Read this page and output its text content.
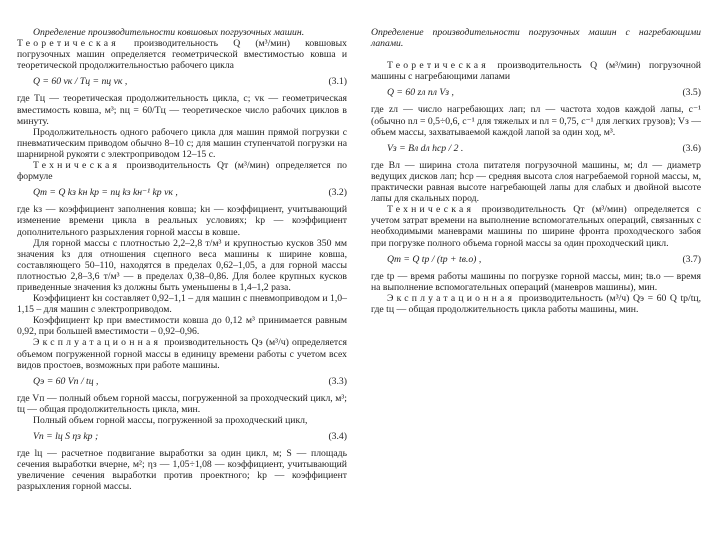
Определение производительности ковшовых погрузочных машин.

Теоретическая производительность Q (м³/мин) ковшовых погрузочных машин определяется геометрической вместимостью ковша и теоретической продолжительностью рабочего цикла

Q = 60 vк / Tц = nц vк ,	(3.1)

где Tц — теоретическая продолжительность цикла, с; vк — геометрическая вместимость ковша, м³; nц = 60/Tц — теоретическое число рабочих циклов в минуту.

Продолжительность одного рабочего цикла для машин прямой погрузки с пневматическим приводом обычно 8–10 с; для машин ступенчатой погрузки на шарнирной рукояти с электроприводом 12–15 с.

Техническая производительность Qт (м³/мин) определяется по формуле

Qт = Q kз kн kр = nц kз kн⁻¹ kр vк ,	(3.2)

где kз — коэффициент заполнения ковша; kн — коэффициент, учитывающий изменение времени цикла в реальных условиях; kр — коэффициент дополнительного разрыхления горной массы в ковше.

Для горной массы с плотностью 2,2–2,8 т/м³ и крупностью кусков 350 мм значения kз для отношения сцепного веса машины к ширине ковша, составляющего 50–110, находятся в пределах 0,62–1,05, а для горной массы плотностью 2,8–3,6 т/м³ — в пределах 0,38–0,86. Для более крупных кусков приведенные значения kз должны быть уменьшены в 1,4–1,2 раза.

Коэффициент kн составляет 0,92–1,1 – для машин с пневмоприводом и 1,0–1,15 – для машин с электроприводом.

Коэффициент kр при вместимости ковша до 0,12 м³ принимается равным 0,92, при большей вместимости – 0,92–0,96.

Эксплуатационная производительность Qэ (м³/ч) определяется объемом погруженной горной массы в единицу времени работы с учетом всех видов простоев, возможных при работе машины.

Qэ = 60 Vп / tц ,	(3.3)

где Vп — полный объем горной массы, погруженной за проходческий цикл, м³; tц — общая продолжительность цикла, мин.

Полный объем горной массы, погруженной за проходческий цикл,

Vп = lц S ηз kр ;	(3.4)

где lц — расчетное подвигание выработки за один цикл, м; S — площадь сечения выработки вчерне, м²; ηз — 1,05÷1,08 — коэффициент, учитывающий увеличение сечения выработки против проектного; kр — коэффициент разрыхления горной массы.

Определение производительности погрузочных машин с нагребающими лапами.

Теоретическая производительность Q (м³/мин) погрузочной машины с нагребающими лапами

Q = 60 zл nл Vз ,	(3.5)

где zл — число нагребающих лап; nл — частота ходов каждой лапы, с⁻¹ (обычно nл = 0,5÷0,6, с⁻¹ для тяжелых и nл = 0,75, с⁻¹ для легких грузов); Vз — объем массы, захватываемой каждой лапой за один ход, м³.

Vз = Bл dл hср / 2 .	(3.6)

где Bл — ширина стола питателя погрузочной машины, м; dл — диаметр ведущих дисков лап; hср — средняя высота слоя нагребаемой горной массы, м, практически равная высоте нагребающей лапы для слабых и двойной высоте лапы для скальных пород.

Техническая производительность Qт (м³/мин) определяется с учетом затрат времени на выполнение вспомогательных операций, связанных с необходимыми маневрами машины по ширине фронта проходческого забоя при погрузке полного объема горной массы за один проходческий цикл.

Qт = Q tр / (tр + tв.о) ,	(3.7)

где tр — время работы машины по погрузке горной массы, мин; tв.о — время на выполнение вспомогательных операций (маневров машины), мин.

Эксплуатационная производительность (м³/ч) Qэ = 60 Q tр/tц, где tц — общая продолжительность цикла работы машины, мин.
